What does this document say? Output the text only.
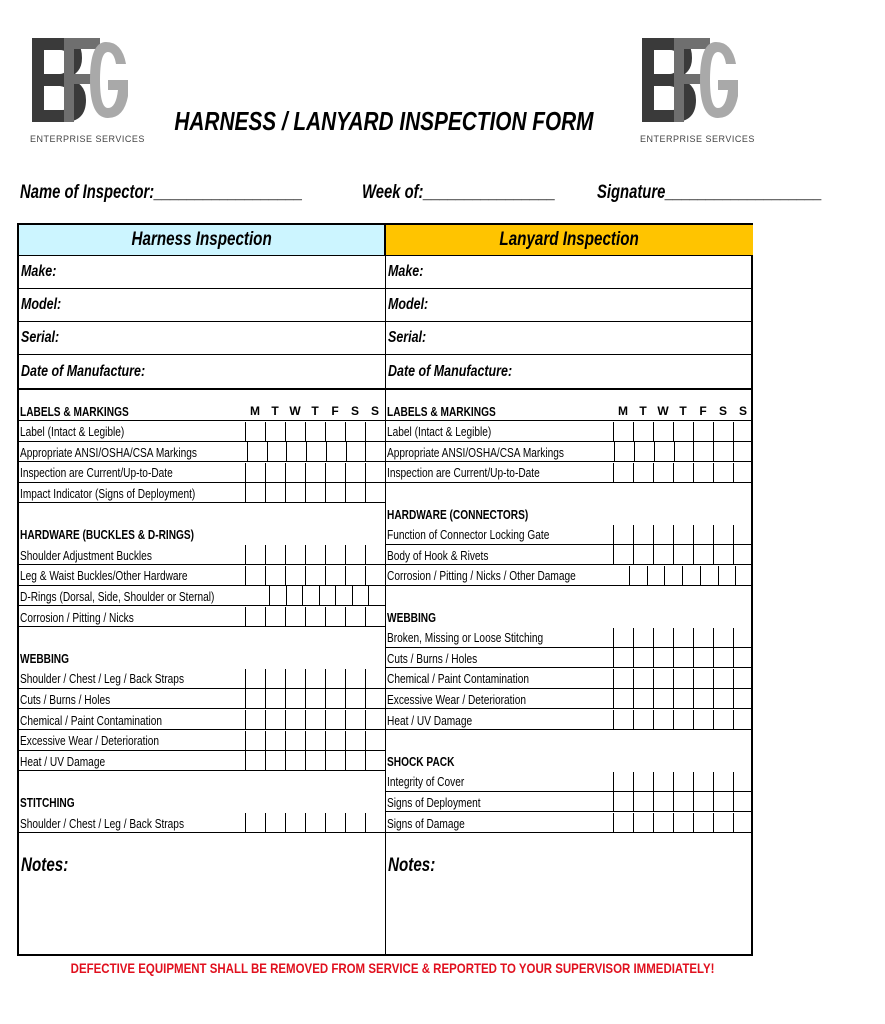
ENTERPRISE SERVICES	ENTERPRISE SERVICES
HARNESS / LANYARD INSPECTION FORM
Name of Inspector:__________________	Week of:________________ Signature___________________
Harness Inspection	Lanyard Inspection
Make:
Model:
Serial:
Date of Manufacture:
Make:
Model:
Serial:
Date of Manufacture:
LABELS & MARKINGS	M T W T	F	S S
Label (Intact & Legible)
Appropriate ANSI/OSHA/CSA Markings
Inspection are Current/Up-to-Date
Impact Indicator (Signs of Deployment)
HARDWARE (BUCKLES & D-RINGS)
Shoulder Adjustment Buckles
Leg & Waist Buckles/Other Hardware
D-Rings (Dorsal, Side, Shoulder or Sternal)
Corrosion / Pitting / Nicks
WEBBING
Shoulder / Chest / Leg / Back Straps
Cuts / Burns / Holes
Chemical / Paint Contamination
Excessive Wear / Deterioration
Heat / UV Damage
STITCHING
Shoulder / Chest / Leg / Back Straps
LABELS & MARKINGS	M T W T	F	S S
Label (Intact & Legible)
Appropriate ANSI/OSHA/CSA Markings
Inspection are Current/Up-to-Date
HARDWARE (CONNECTORS)
Function of Connector Locking Gate
Body of Hook & Rivets
Corrosion / Pitting / Nicks / Other Damage
WEBBING
Broken, Missing or Loose Stitching
Cuts / Burns / Holes
Chemical / Paint Contamination
Excessive Wear / Deterioration
Heat / UV Damage
SHOCK PACK
Integrity of Cover
Signs of Deployment
Signs of Damage
Notes:	Notes:
DEFECTIVE EQUIPMENT SHALL BE REMOVED FROM SERVICE & REPORTED TO YOUR SUPERVISOR IMMEDIATELY!
